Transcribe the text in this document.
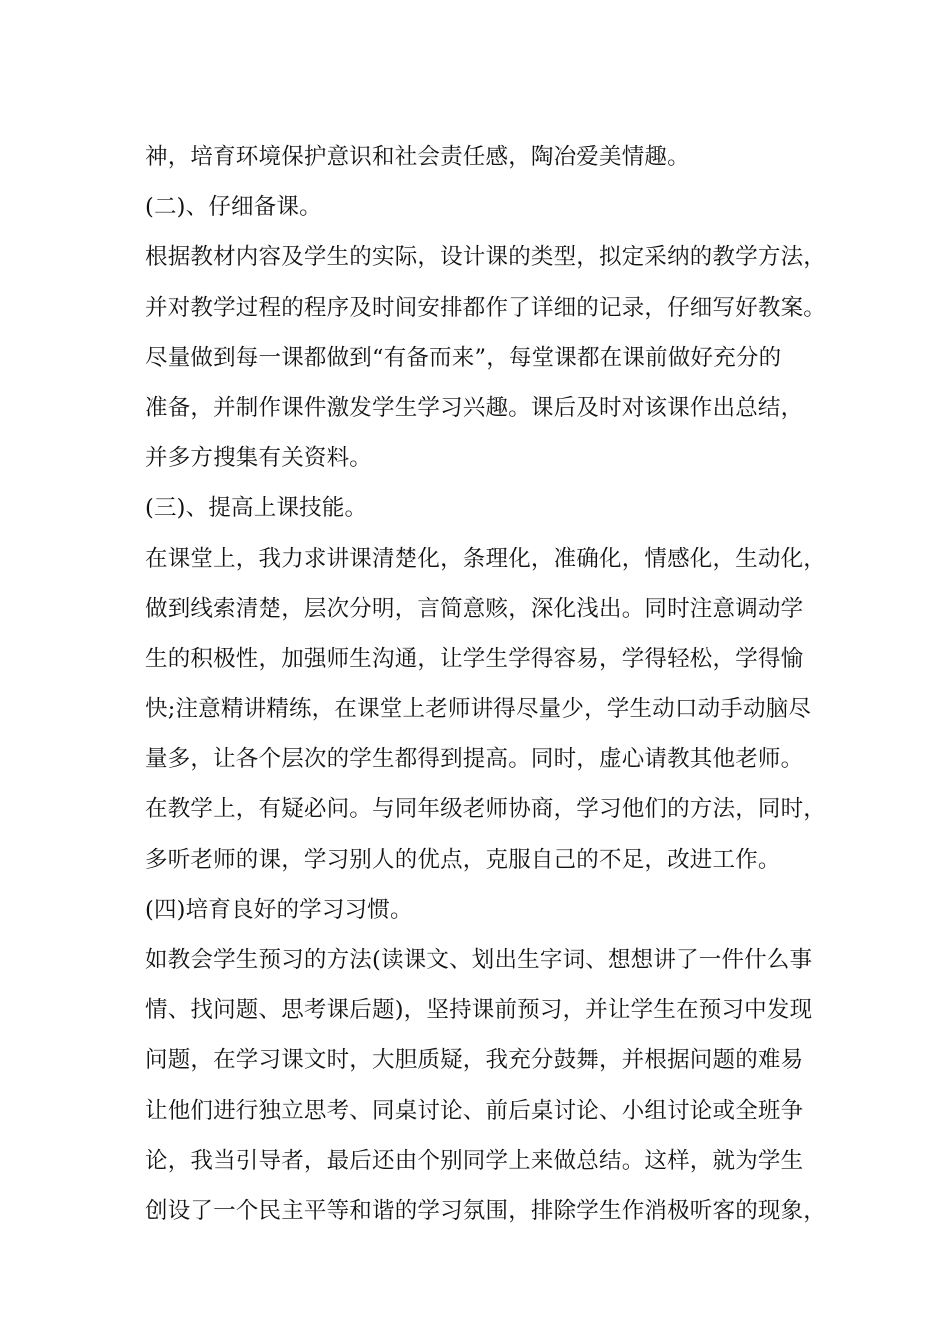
神，培育环境保护意识和社会责任感，陶冶爱美情趣。
(二)、仔细备课。
根据教材内容及学生的实际，设计课的类型，拟定采纳的教学方法，
并对教学过程的程序及时间安排都作了详细的记录，仔细写好教案。
尽量做到每一课都做到“有备而来”，每堂课都在课前做好充分的
准备，并制作课件激发学生学习兴趣。课后及时对该课作出总结，
并多方搜集有关资料。
(三)、提高上课技能。
在课堂上，我力求讲课清楚化，条理化，准确化，情感化，生动化，
做到线索清楚，层次分明，言简意赅，深化浅出。同时注意调动学
生的积极性，加强师生沟通，让学生学得容易，学得轻松，学得愉
快;注意精讲精练，在课堂上老师讲得尽量少，学生动口动手动脑尽
量多，让各个层次的学生都得到提高。同时，虚心请教其他老师。
在教学上，有疑必问。与同年级老师协商，学习他们的方法，同时，
多听老师的课，学习别人的优点，克服自己的不足，改进工作。
(四)培育良好的学习习惯。
如教会学生预习的方法(读课文、划出生字词、想想讲了一件什么事
情、找问题、思考课后题)，坚持课前预习，并让学生在预习中发现
问题，在学习课文时，大胆质疑，我充分鼓舞，并根据问题的难易
让他们进行独立思考、同桌讨论、前后桌讨论、小组讨论或全班争
论，我当引导者，最后还由个别同学上来做总结。这样，就为学生
创设了一个民主平等和谐的学习氛围，排除学生作消极听客的现象，
